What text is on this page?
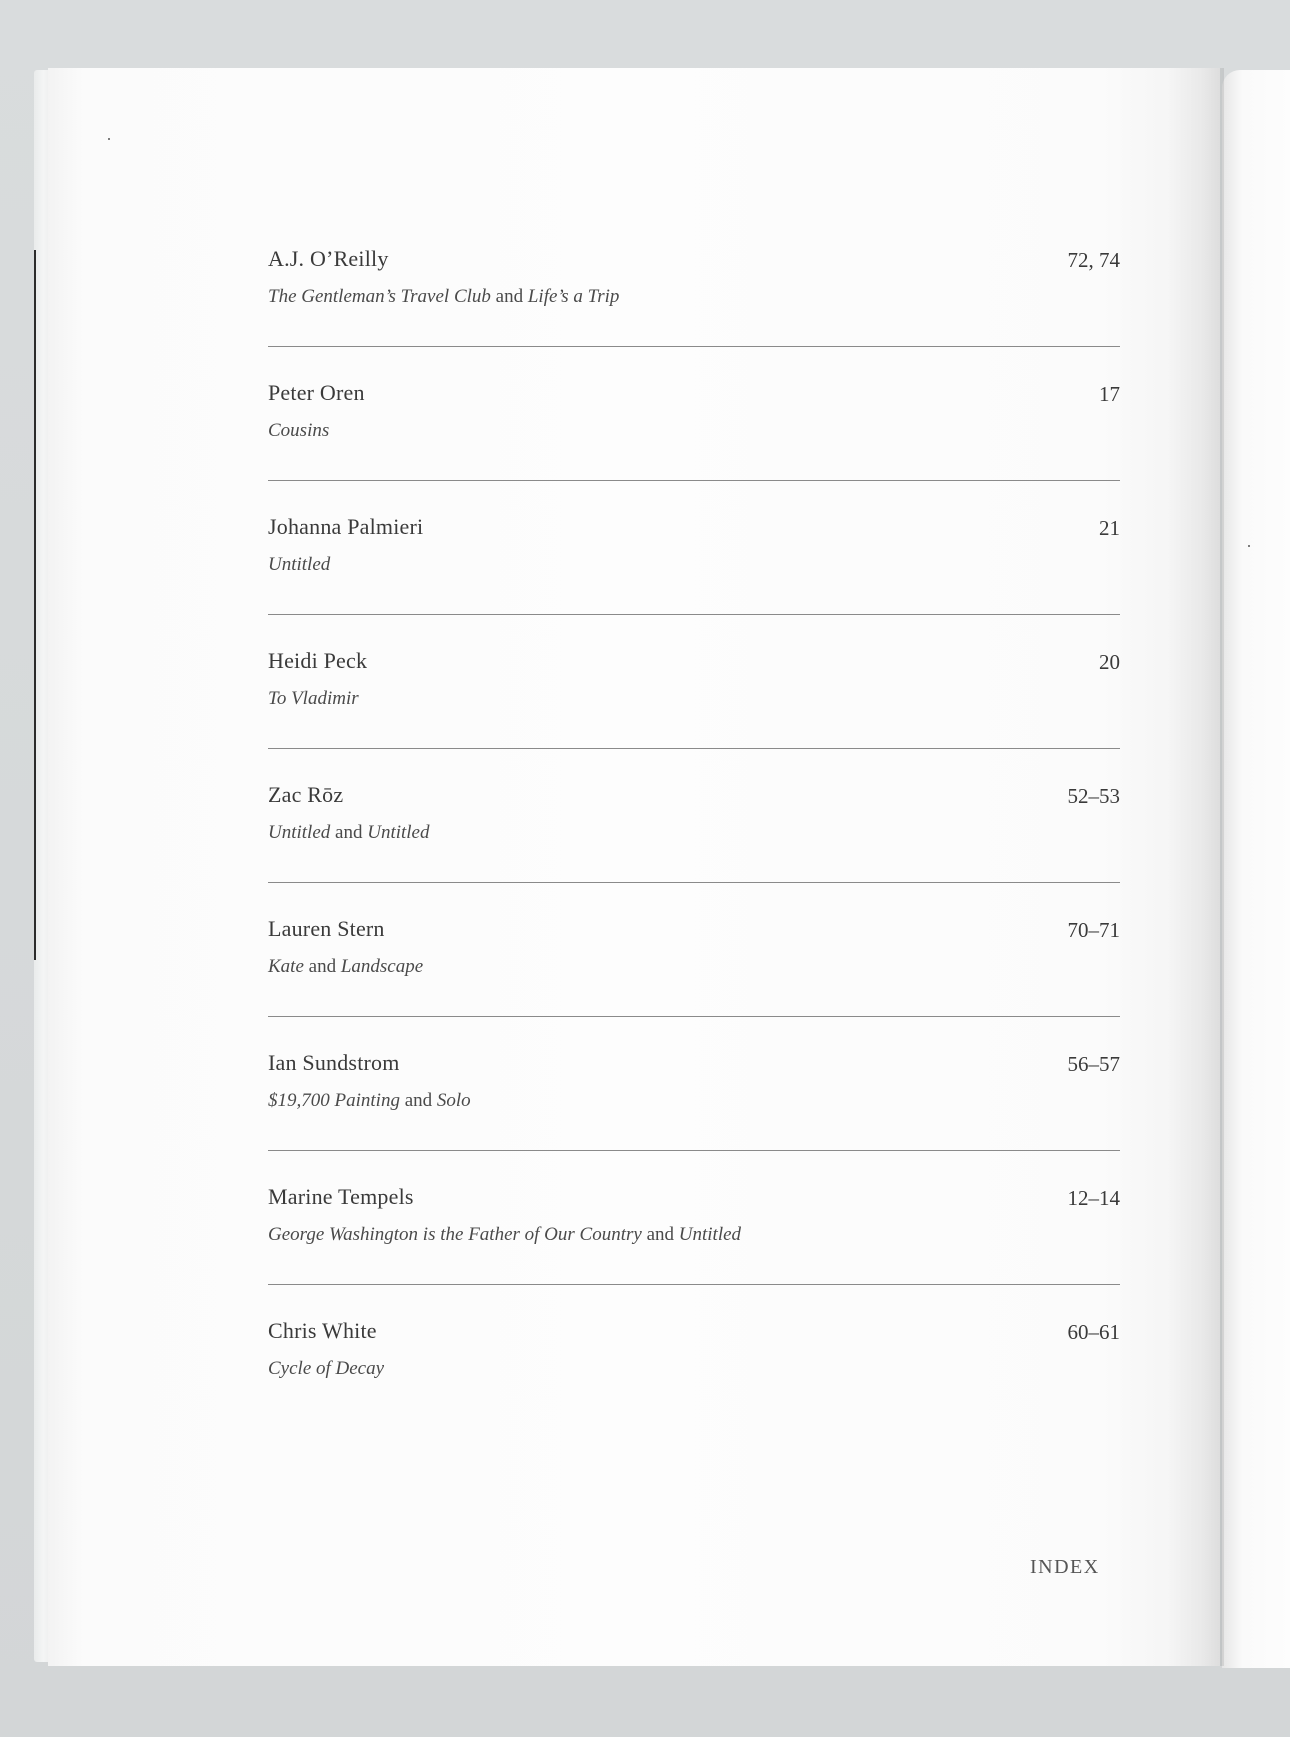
A.J. O’Reilly	72, 74
The Gentleman’s Travel Club and Life’s a Trip
Peter Oren	17
Cousins
Johanna Palmieri	21
Untitled
Heidi Peck	20
To Vladimir
Zac Rōz	52–53
Untitled and Untitled
Lauren Stern	70–71
Kate and Landscape
Ian Sundstrom	56–57
$19,700 Painting and Solo
Marine Tempels	12–14
George Washington is the Father of Our Country and Untitled
Chris White	60–61
Cycle of Decay
INDEX
